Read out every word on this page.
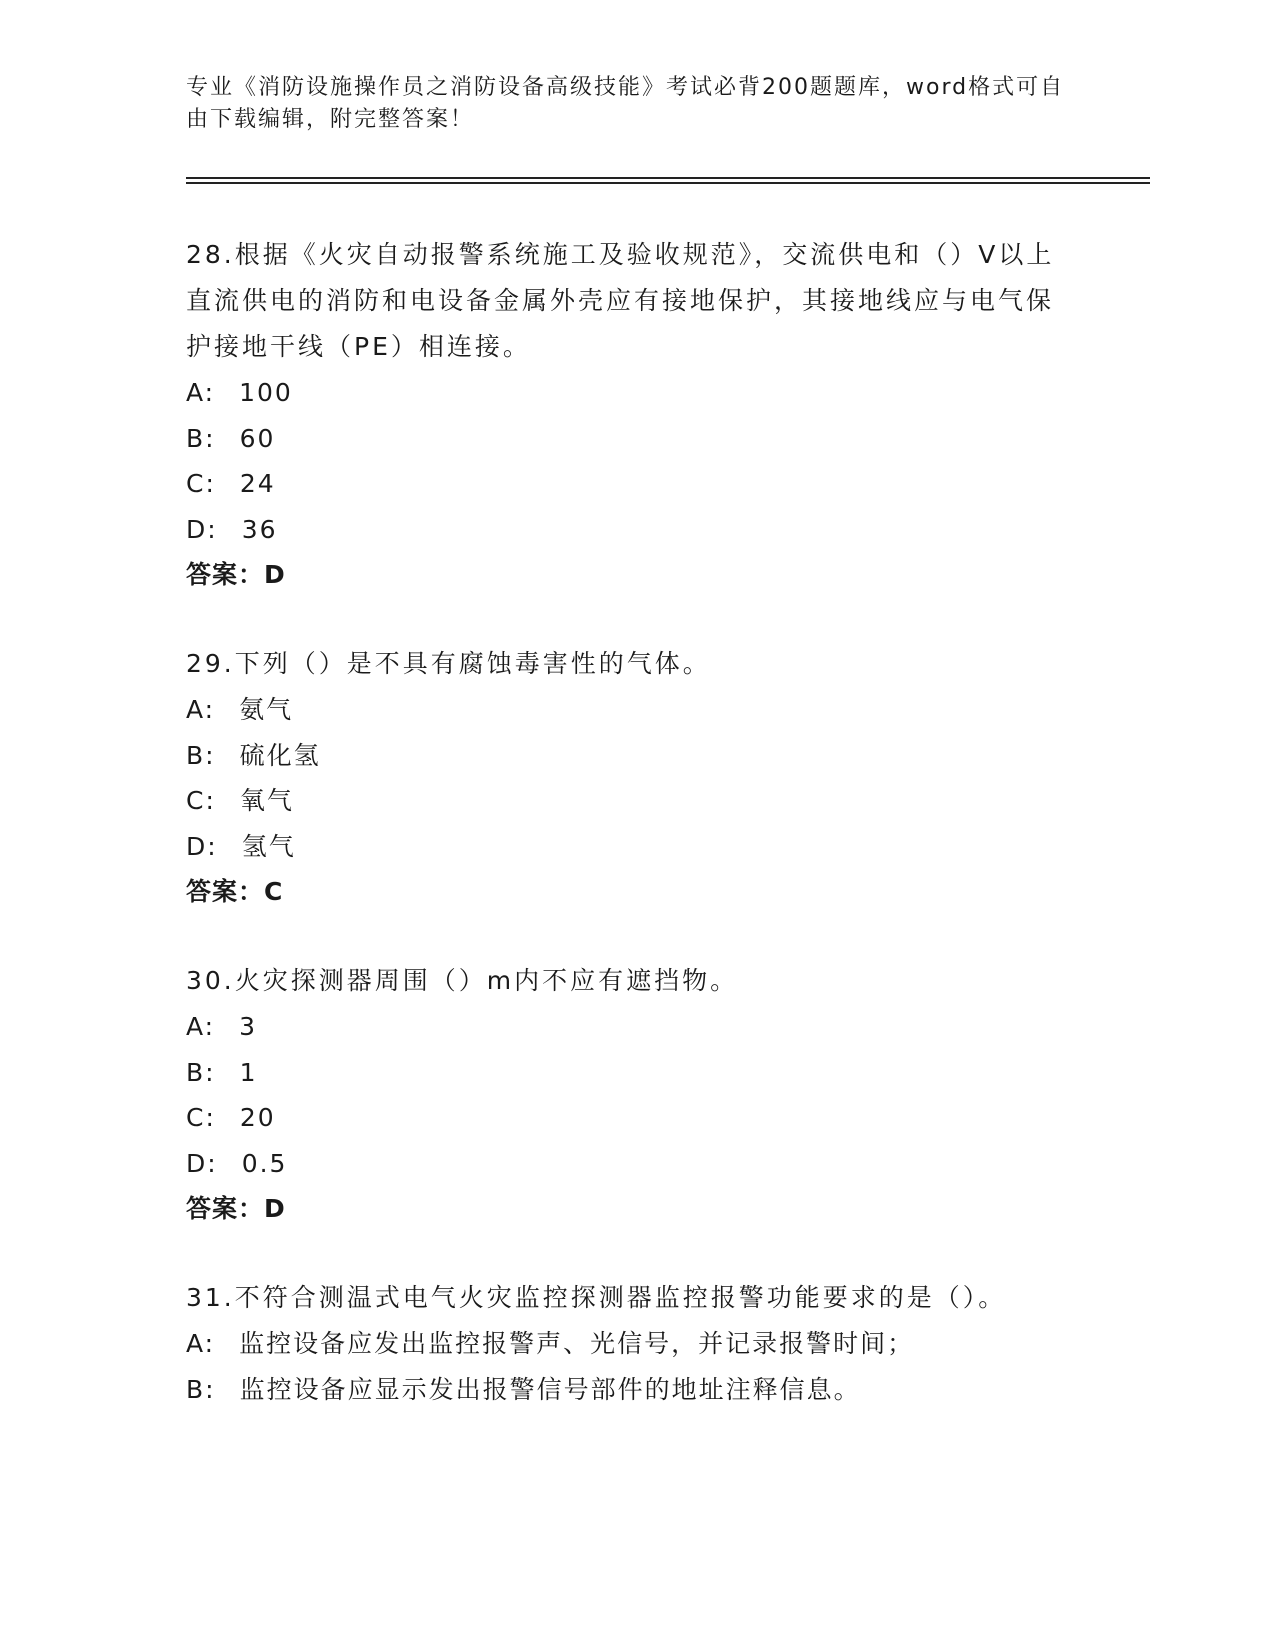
专业《消防设施操作员之消防设备高级技能》考试必背200题题库，word格式可自由下载编辑，附完整答案！

28.根据《火灾自动报警系统施工及验收规范》，交流供电和（）V以上直流供电的消防和电设备金属外壳应有接地保护，其接地线应与电气保护接地干线（PE）相连接。

A: 100

B: 60

C: 24

D: 36

答案：D

29.下列（）是不具有腐蚀毒害性的气体。

A: 氨气

B: 硫化氢

C: 氧气

D: 氢气

答案：C

30.火灾探测器周围（）m内不应有遮挡物。

A: 3

B: 1

C: 20

D: 0.5

答案：D

31.不符合测温式电气火灾监控探测器监控报警功能要求的是（）。

A: 监控设备应发出监控报警声、光信号，并记录报警时间；

B: 监控设备应显示发出报警信号部件的地址注释信息。
